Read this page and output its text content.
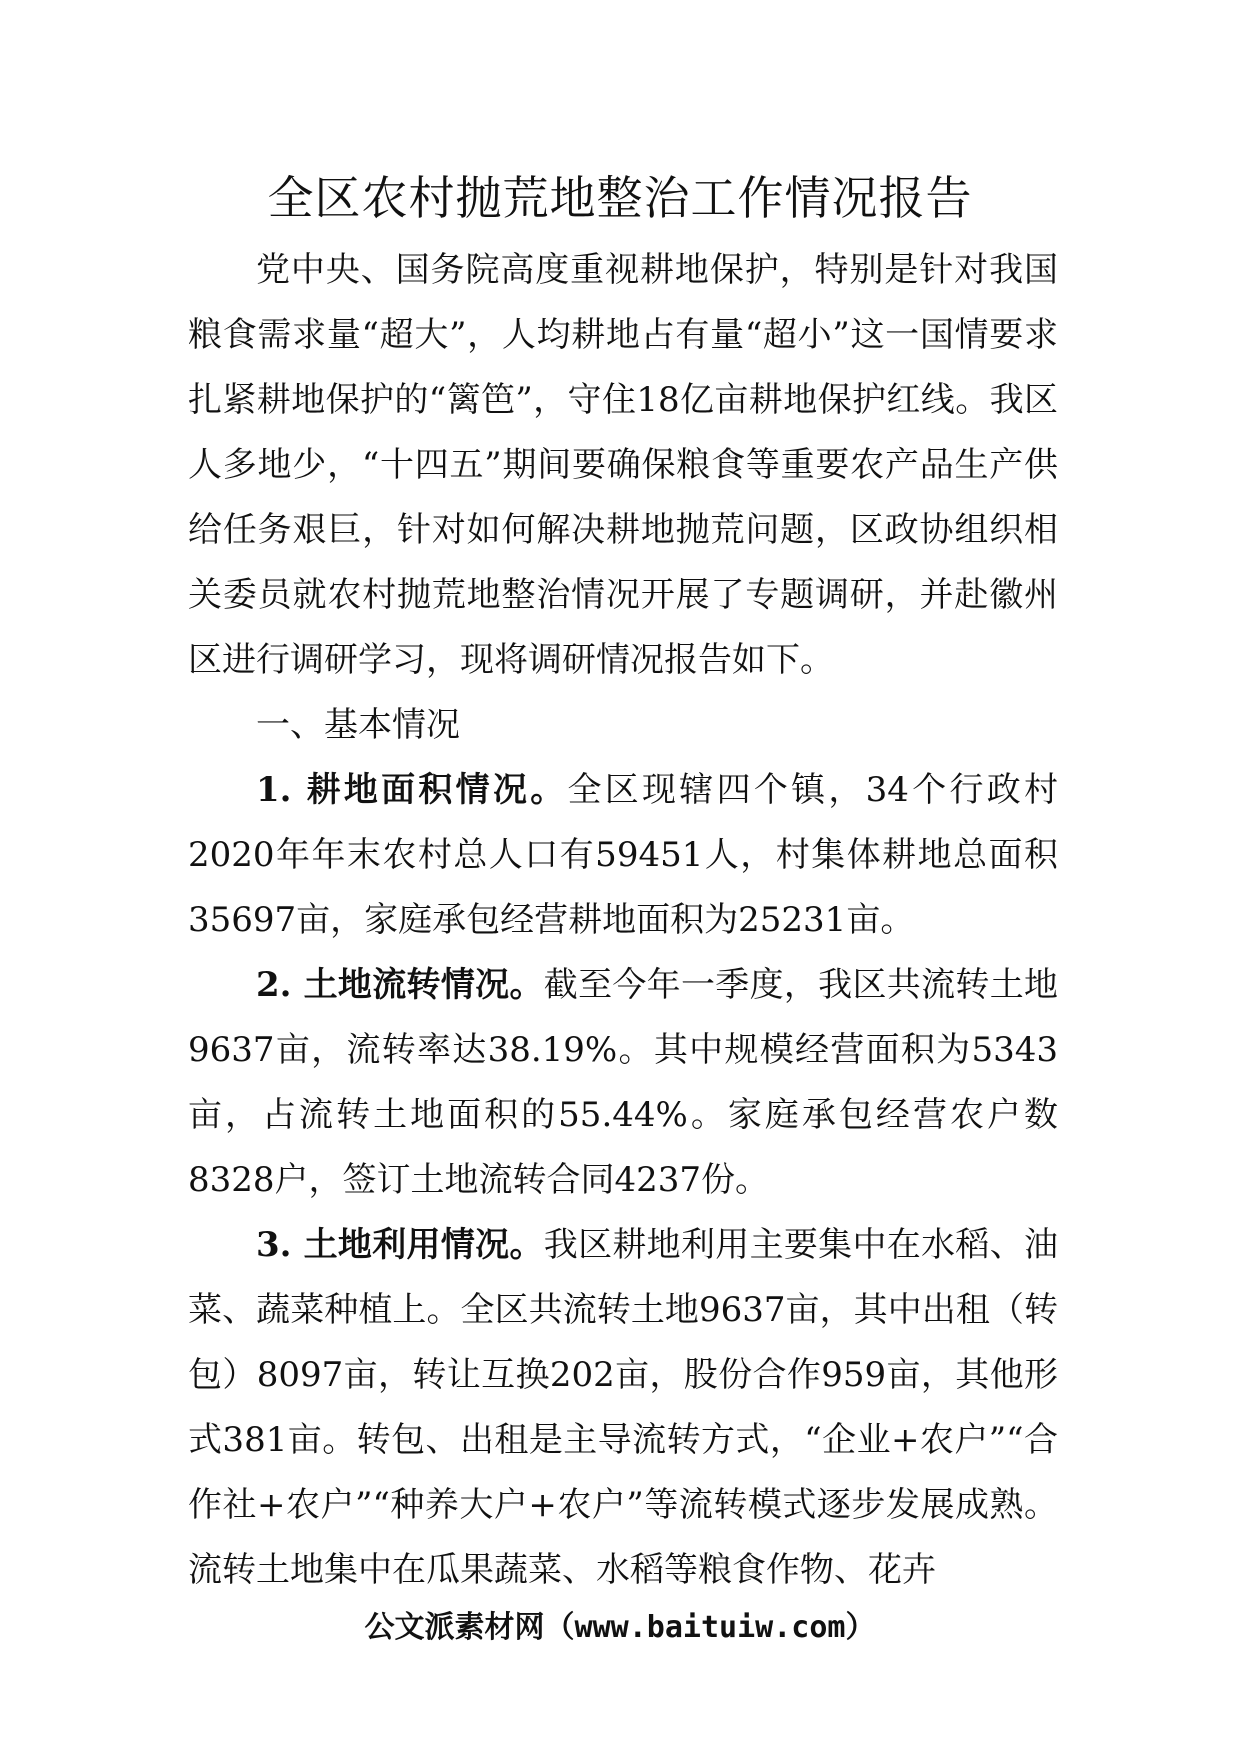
全区农村抛荒地整治工作情况报告

党中央、国务院高度重视耕地保护，特别是针对我国粮食需求量“超大”，人均耕地占有量“超小”这一国情要求扎紧耕地保护的“篱笆”，守住18亿亩耕地保护红线。我区人多地少，“十四五”期间要确保粮食等重要农产品生产供给任务艰巨，针对如何解决耕地抛荒问题，区政协组织相关委员就农村抛荒地整治情况开展了专题调研，并赴徽州区进行调研学习，现将调研情况报告如下。

一、基本情况

1. 耕地面积情况。全区现辖四个镇，34个行政村2020年年末农村总人口有59451人，村集体耕地总面积35697亩，家庭承包经营耕地面积为25231亩。

2. 土地流转情况。截至今年一季度，我区共流转土地9637亩，流转率达38.19%。其中规模经营面积为5343亩，占流转土地面积的55.44%。家庭承包经营农户数8328户，签订土地流转合同4237份。

3. 土地利用情况。我区耕地利用主要集中在水稻、油菜、蔬菜种植上。全区共流转土地9637亩，其中出租（转包）8097亩，转让互换202亩，股份合作959亩，其他形式381亩。转包、出租是主导流转方式，“企业+农户”“合作社+农户”“种养大户+农户”等流转模式逐步发展成熟。流转土地集中在瓜果蔬菜、水稻等粮食作物、花卉

公文派素材网（www.baituiw.com）
